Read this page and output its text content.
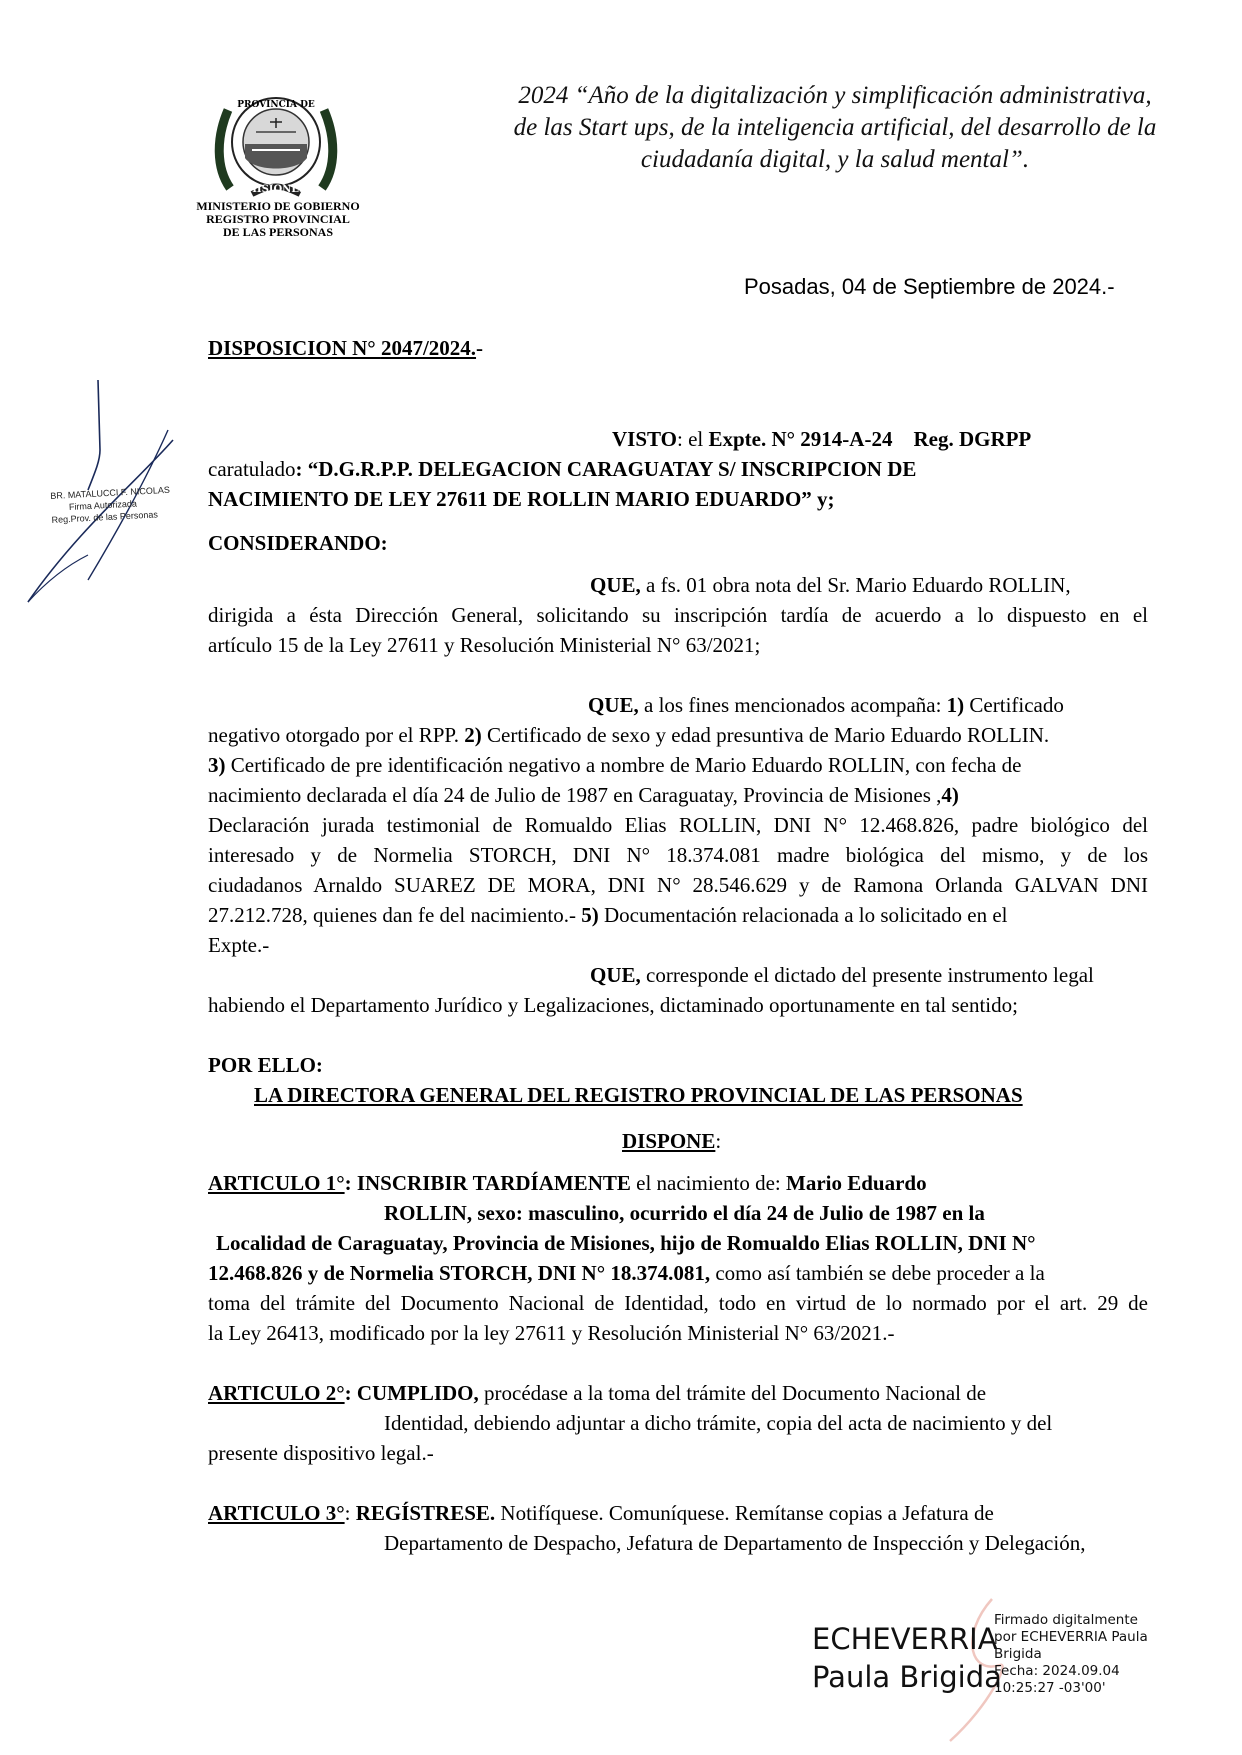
PROVINCIA DE
MISIONES
MINISTERIO DE GOBIERNO
REGISTRO PROVINCIAL
DE LAS PERSONAS
2024 “Año de la digitalización y simplificación administrativa,
de las Start ups, de la inteligencia artificial, del desarrollo de la
ciudadanía digital, y la salud mental”.
Posadas, 04 de Septiembre de 2024.-
DISPOSICION N° 2047/2024.-
BR. MATALUCCI F. NICOLAS
Firma Autorizada
Reg.Prov. de las Personas
VISTO: el Expte. N° 2914-A-24 Reg. DGRPP
caratulado: “D.G.R.P.P. DELEGACION CARAGUATAY S/ INSCRIPCION DE
NACIMIENTO DE LEY 27611 DE ROLLIN MARIO EDUARDO” y;
CONSIDERANDO:
QUE, a fs. 01 obra nota del Sr. Mario Eduardo ROLLIN,
dirigida a ésta Dirección General, solicitando su inscripción tardía de acuerdo a lo dispuesto en el
artículo 15 de la Ley 27611 y Resolución Ministerial N° 63/2021;
QUE, a los fines mencionados acompaña: 1) Certificado
negativo otorgado por el RPP. 2) Certificado de sexo y edad presuntiva de Mario Eduardo ROLLIN.
3) Certificado de pre identificación negativo a nombre de Mario Eduardo ROLLIN, con fecha de
nacimiento declarada el día 24 de Julio de 1987 en Caraguatay, Provincia de Misiones ,4)
Declaración jurada testimonial de Romualdo Elias ROLLIN, DNI N° 12.468.826, padre biológico del
interesado y de Normelia STORCH, DNI N° 18.374.081 madre biológica del mismo, y de los
ciudadanos Arnaldo SUAREZ DE MORA, DNI N° 28.546.629 y de Ramona Orlanda GALVAN DNI
27.212.728, quienes dan fe del nacimiento.- 5) Documentación relacionada a lo solicitado en el
Expte.-
QUE, corresponde el dictado del presente instrumento legal
habiendo el Departamento Jurídico y Legalizaciones, dictaminado oportunamente en tal sentido;
POR ELLO:
LA DIRECTORA GENERAL DEL REGISTRO PROVINCIAL DE LAS PERSONAS
DISPONE:
ARTICULO 1°: INSCRIBIR TARDÍAMENTE el nacimiento de: Mario Eduardo
ROLLIN, sexo: masculino, ocurrido el día 24 de Julio de 1987 en la
Localidad de Caraguatay, Provincia de Misiones, hijo de Romualdo Elias ROLLIN, DNI N°
12.468.826 y de Normelia STORCH, DNI N° 18.374.081, como así también se debe proceder a la
toma del trámite del Documento Nacional de Identidad, todo en virtud de lo normado por el art. 29 de
la Ley 26413, modificado por la ley 27611 y Resolución Ministerial N° 63/2021.-
ARTICULO 2°: CUMPLIDO, procédase a la toma del trámite del Documento Nacional de
Identidad, debiendo adjuntar a dicho trámite, copia del acta de nacimiento y del
presente dispositivo legal.-
ARTICULO 3°: REGÍSTRESE. Notifíquese. Comuníquese. Remítanse copias a Jefatura de
Departamento de Despacho, Jefatura de Departamento de Inspección y Delegación,
ECHEVERRIA
Paula Brigida
Firmado digitalmente
por ECHEVERRIA Paula
Brigida
Fecha: 2024.09.04
10:25:27 -03'00'
